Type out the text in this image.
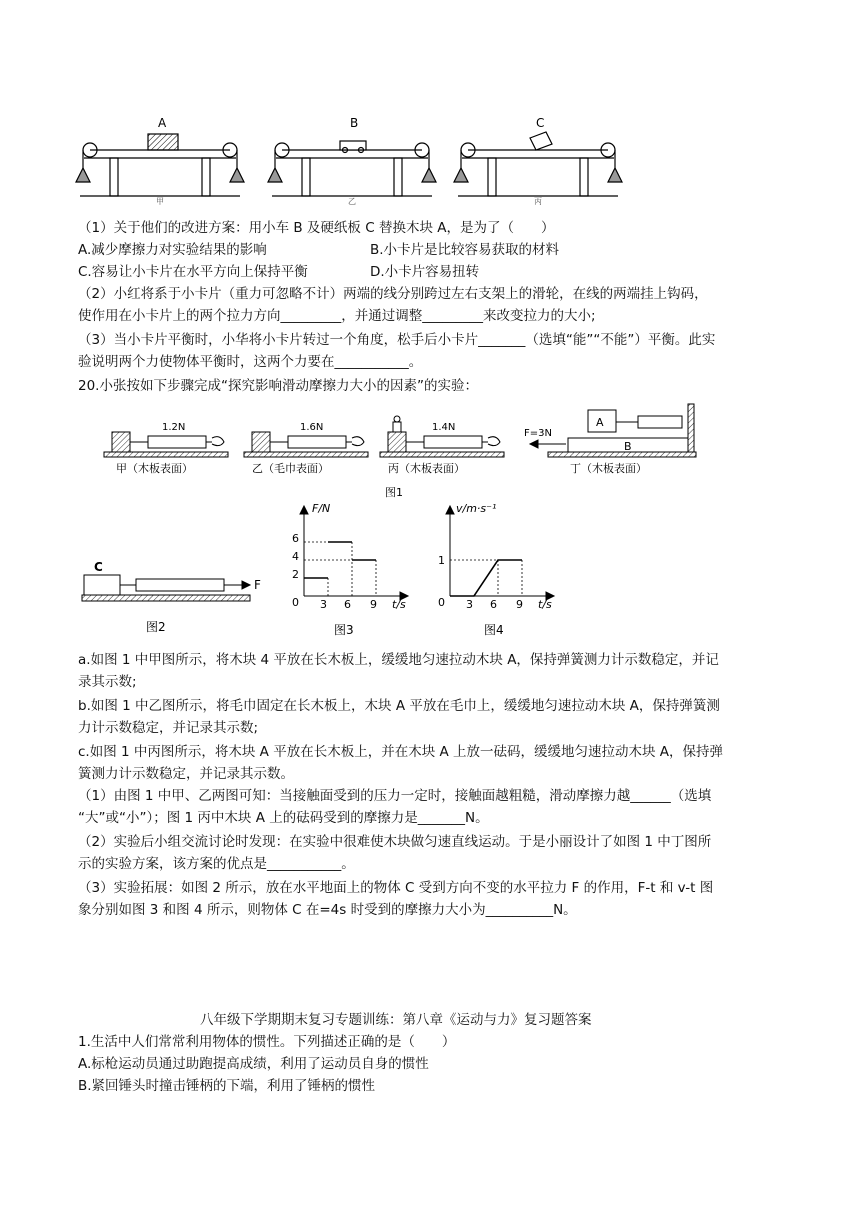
A
甲
B
乙
C
丙
（1）关于他们的改进方案：用小车 B 及硬纸板 C 替换木块 A，是为了（　　）
A.减少摩擦力对实验结果的影响	B.小卡片是比较容易获取的材料
C.容易让小卡片在水平方向上保持平衡	D.小卡片容易扭转
（2）小红将系于小卡片（重力可忽略不计）两端的线分别跨过左右支架上的滑轮，在线的两端挂上钩码，
使作用在小卡片上的两个拉力方向_________，并通过调整_________来改变拉力的大小;
（3）当小卡片平衡时，小华将小卡片转过一个角度，松手后小卡片_______（选填“能”“不能”）平衡。此实
验说明两个力使物体平衡时，这两个力要在___________。
20.小张按如下步骤完成“探究影响滑动摩擦力大小的因素”的实验：
1.2N
甲（木板表面）
1.6N
乙（毛巾表面）
1.4N
丙（木板表面）
A
B
F=3N
丁（木板表面）
图1
C
F
图2
F/N
t/s
6
4
2
0 3 6 9
图3
v/m·s⁻¹
t/s
1
0 3 6 9
图4
a.如图 1 中甲图所示，将木块 4 平放在长木板上，缓缓地匀速拉动木块 A，保持弹簧测力计示数稳定，并记
录其示数;
b.如图 1 中乙图所示，将毛巾固定在长木板上，木块 A 平放在毛巾上，缓缓地匀速拉动木块 A，保持弹簧测
力计示数稳定，并记录其示数;
c.如图 1 中丙图所示，将木块 A 平放在长木板上，并在木块 A 上放一砝码，缓缓地匀速拉动木块 A，保持弹
簧测力计示数稳定，并记录其示数。
（1）由图 1 中甲、乙两图可知：当接触面受到的压力一定时，接触面越粗糙，滑动摩擦力越______（选填
“大”或“小”）；图 1 丙中木块 A 上的砝码受到的摩擦力是_______N。
（2）实验后小组交流讨论时发现：在实验中很难使木块做匀速直线运动。于是小丽设计了如图 1 中丁图所
示的实验方案，该方案的优点是___________。
（3）实验拓展：如图 2 所示，放在水平地面上的物体 C 受到方向不变的水平拉力 F 的作用，F-t 和 v-t 图
象分别如图 3 和图 4 所示，则物体 C 在=4s 时受到的摩擦力大小为__________N。
八年级下学期期末复习专题训练：第八章《运动与力》复习题答案
1.生活中人们常常利用物体的惯性。下列描述正确的是（　　）
A.标枪运动员通过助跑提高成绩，利用了运动员自身的惯性
B.紧回锤头时撞击锤柄的下端，利用了锤柄的惯性
